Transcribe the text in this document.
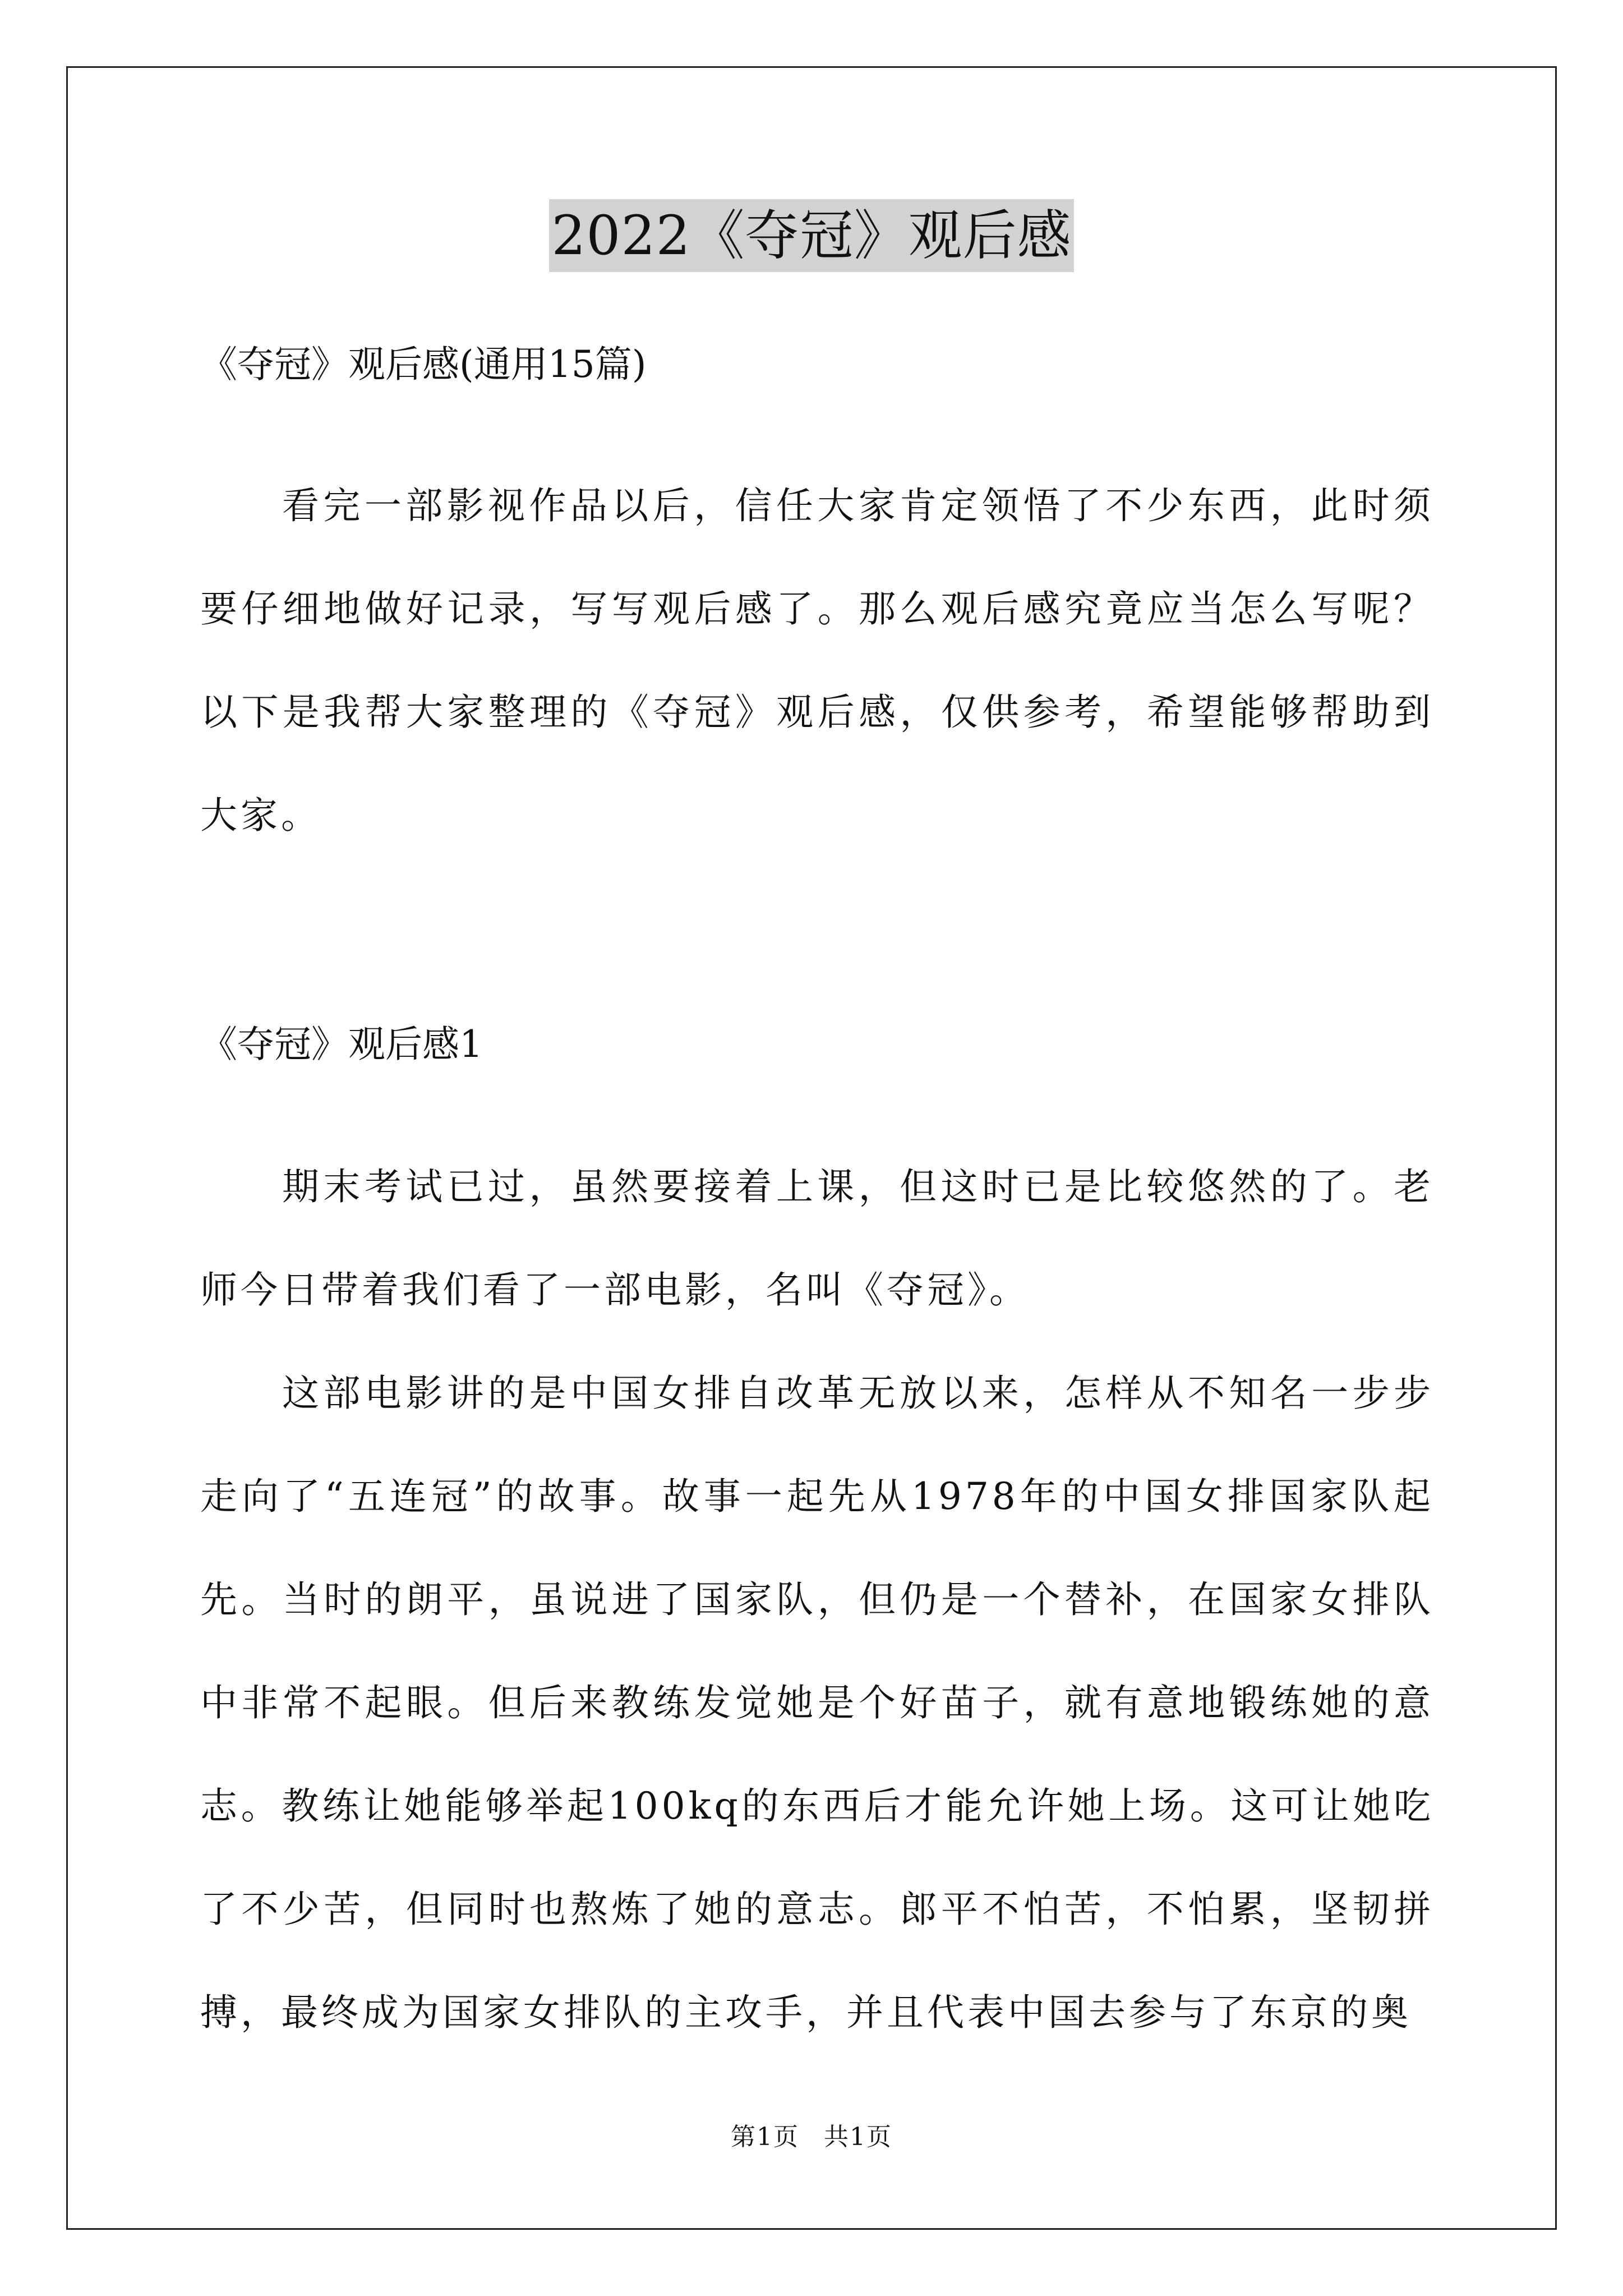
2022《夺冠》观后感

《夺冠》观后感(通用15篇)

看完一部影视作品以后，信任大家肯定领悟了不少东西，此时须要仔细地做好记录，写写观后感了。那么观后感究竟应当怎么写呢？以下是我帮大家整理的《夺冠》观后感，仅供参考，希望能够帮助到大家。

《夺冠》观后感1

期末考试已过，虽然要接着上课，但这时已是比较悠然的了。老师今日带着我们看了一部电影，名叫《夺冠》。

这部电影讲的是中国女排自改革无放以来，怎样从不知名一步步走向了“五连冠”的故事。故事一起先从1978年的中国女排国家队起先。当时的朗平，虽说进了国家队，但仍是一个替补，在国家女排队中非常不起眼。但后来教练发觉她是个好苗子，就有意地锻练她的意志。教练让她能够举起100kq的东西后才能允许她上场。这可让她吃了不少苦，但同时也熬炼了她的意志。郎平不怕苦，不怕累，坚韧拼搏，最终成为国家女排队的主攻手，并且代表中国去参与了东京的奥

第1页 共1页
